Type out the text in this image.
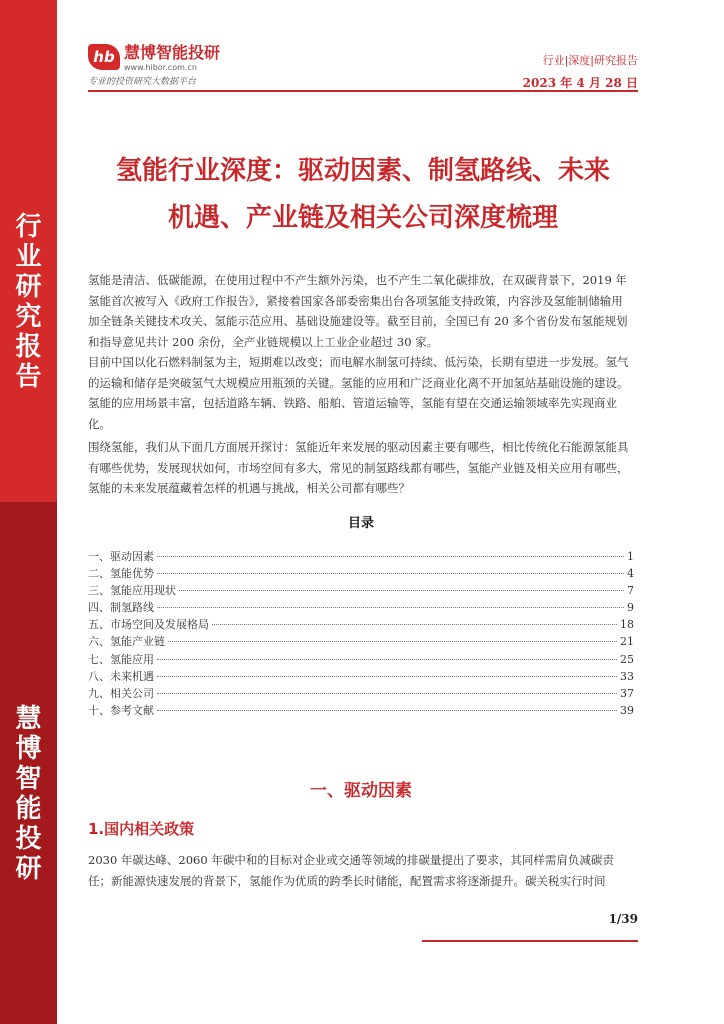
行
业
研
究
报
告
慧
博
智
能
投
研
hb 慧博智能投研
www.hibor.com.cn
专业的投资研究大数据平台
行业|深度|研究报告
2023 年 4 月 28 日
氢能行业深度：驱动因素、制氢路线、未来
机遇、产业链及相关公司深度梳理

氢能是清洁、低碳能源，在使用过程中不产生额外污染，也不产生二氧化碳排放，在双碳背景下，2019 年氢能首次被写入《政府工作报告》，紧接着国家各部委密集出台各项氢能支持政策，内容涉及氢能制储输用加全链条关键技术攻关、氢能示范应用、基础设施建设等。截至目前，全国已有 20 多个省份发布氢能规划和指导意见共计 200 余份，全产业链规模以上工业企业超过 30 家。

目前中国以化石燃料制氢为主，短期难以改变；而电解水制氢可持续、低污染，长期有望进一步发展。氢气的运输和储存是突破氢气大规模应用瓶颈的关键。氢能的应用和广泛商业化离不开加氢站基础设施的建设。氢能的应用场景丰富，包括道路车辆、铁路、船舶、管道运输等，氢能有望在交通运输领域率先实现商业化。

围绕氢能，我们从下面几方面展开探讨：氢能近年来发展的驱动因素主要有哪些，相比传统化石能源氢能具有哪些优势，发展现状如何，市场空间有多大，常见的制氢路线都有哪些，氢能产业链及相关应用有哪些，氢能的未来发展蕴藏着怎样的机遇与挑战，相关公司都有哪些？

目录
一、驱动因素	1
二、氢能优势	4
三、氢能应用现状	7
四、制氢路线	9
五、市场空间及发展格局	18
六、氢能产业链	21
七、氢能应用	25
八、未来机遇	33
九、相关公司	37
十、参考文献	39
一、驱动因素
1.国内相关政策

2030 年碳达峰、2060 年碳中和的目标对企业或交通等领域的排碳量提出了要求，其同样需肩负减碳责任；新能源快速发展的背景下，氢能作为优质的跨季长时储能，配置需求将逐渐提升。碳关税实行时间

1/39
